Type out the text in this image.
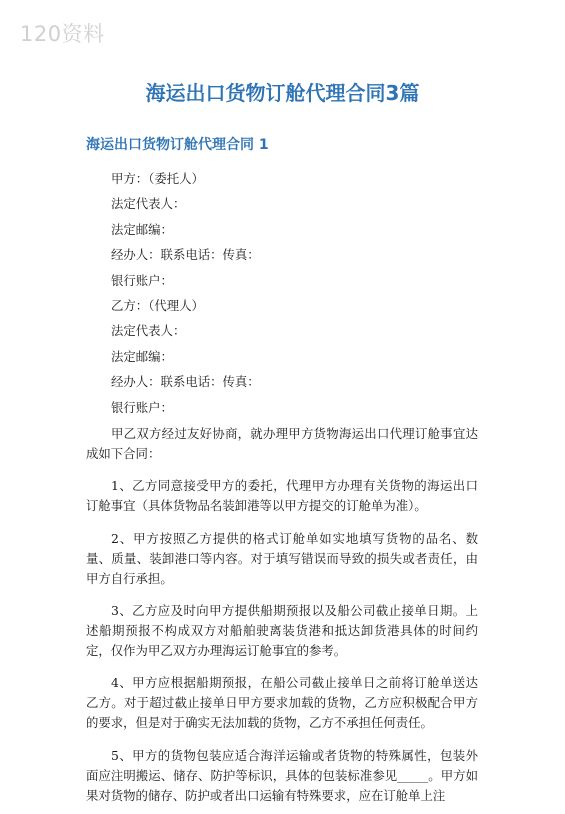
120资料
海运出口货物订舱代理合同3篇
海运出口货物订舱代理合同 1
甲方：（委托人）
法定代表人：
法定邮编：
经办人：联系电话：传真：
银行账户：
乙方：（代理人）
法定代表人：
法定邮编：
经办人：联系电话：传真：
银行账户：

甲乙双方经过友好协商，就办理甲方货物海运出口代理订舱事宜达成如下合同：

1、乙方同意接受甲方的委托，代理甲方办理有关货物的海运出口订舱事宜（具体货物品名装卸港等以甲方提交的订舱单为准）。

2、甲方按照乙方提供的格式订舱单如实地填写货物的品名、数量、质量、装卸港口等内容。对于填写错误而导致的损失或者责任，由甲方自行承担。

3、乙方应及时向甲方提供船期预报以及船公司截止接单日期。上述船期预报不构成双方对船舶驶离装货港和抵达卸货港具体的时间约定，仅作为甲乙双方办理海运订舱事宜的参考。

4、甲方应根据船期预报，在船公司截止接单日之前将订舱单送达乙方。对于超过截止接单日甲方要求加载的货物，乙方应积极配合甲方的要求，但是对于确实无法加载的货物，乙方不承担任何责任。

5、甲方的货物包装应适合海洋运输或者货物的特殊属性，包装外面应注明搬运、储存、防护等标识，具体的包装标准参见_____。甲方如果对货物的储存、防护或者出口运输有特殊要求，应在订舱单上注
